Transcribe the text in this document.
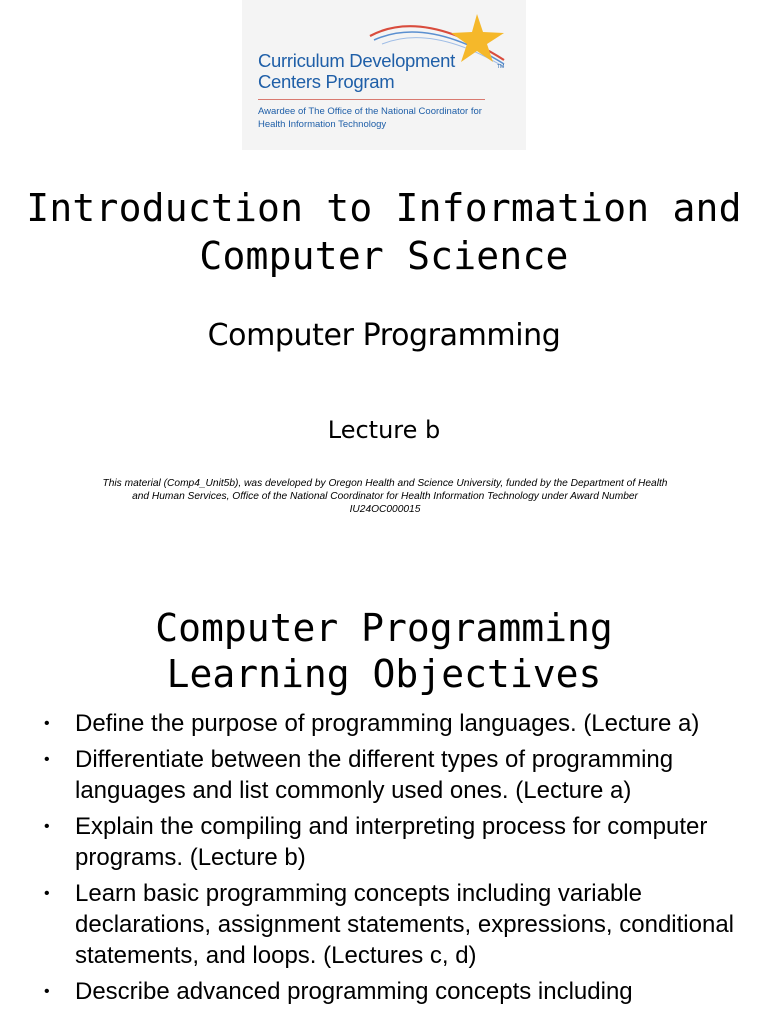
Curriculum Development
Centers Program
TM
Awardee of The Office of the National Coordinator for
Health Information Technology
Introduction to Information and
Computer Science
Computer Programming
Lecture b
This material (Comp4_Unit5b), was developed by Oregon Health and Science University, funded by the Department of Health
and Human Services, Office of the National Coordinator for Health Information Technology under Award Number
IU24OC000015
Computer Programming
Learning Objectives
• Define the purpose of programming languages. (Lecture a)
• Differentiate between the different types of programming languages and list commonly used ones. (Lecture a)
• Explain the compiling and interpreting process for computer programs. (Lecture b)
• Learn basic programming concepts including variable declarations, assignment statements, expressions, conditional statements, and loops. (Lectures c, d)
• Describe advanced programming concepts including
